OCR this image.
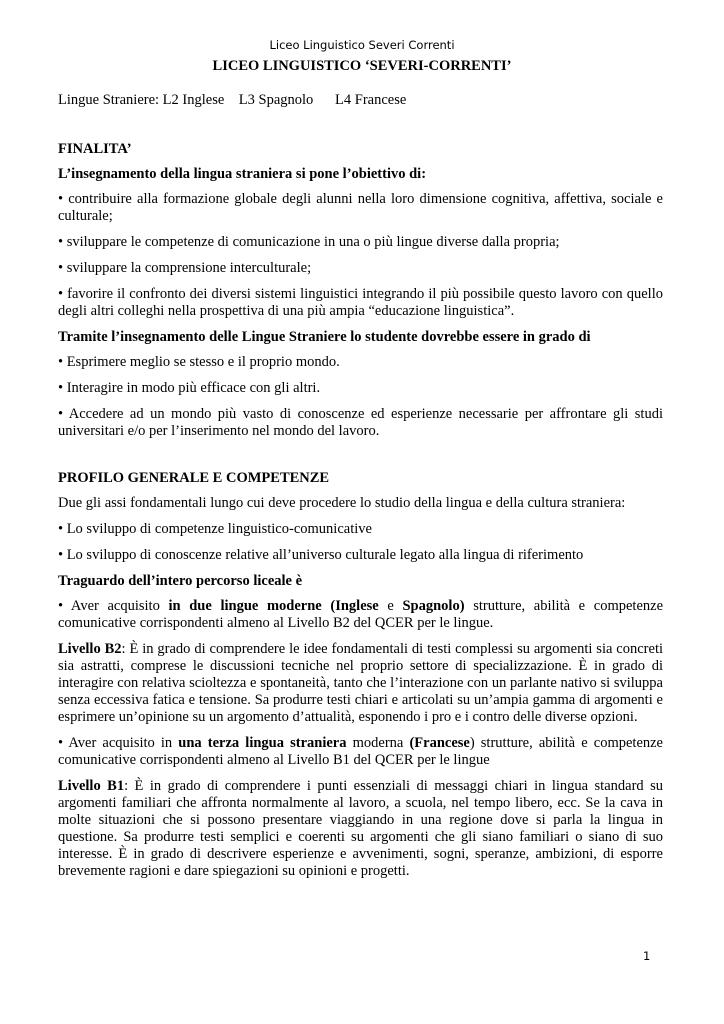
Liceo Linguistico Severi Correnti
LICEO LINGUISTICO ‘SEVERI-CORRENTI’

Lingue Straniere: L2 Inglese    L3 Spagnolo      L4 Francese

FINALITA’

L’insegnamento della lingua straniera si pone l’obiettivo di:

• contribuire alla formazione globale degli alunni nella loro dimensione cognitiva, affettiva, sociale e culturale;

• sviluppare le competenze di comunicazione in una o più lingue diverse dalla propria;

• sviluppare la comprensione interculturale;

• favorire il confronto dei diversi sistemi linguistici integrando il più possibile questo lavoro con quello degli altri colleghi nella prospettiva di una più ampia “educazione linguistica”.

Tramite l’insegnamento delle Lingue Straniere lo studente dovrebbe essere in grado di

• Esprimere meglio se stesso e il proprio mondo.

• Interagire in modo più efficace con gli altri.

• Accedere ad un mondo più vasto di conoscenze ed esperienze necessarie per affrontare gli studi universitari e/o per l’inserimento nel mondo del lavoro.

PROFILO GENERALE E COMPETENZE

Due gli assi fondamentali lungo cui deve procedere lo studio della lingua e della cultura straniera:

• Lo sviluppo di competenze linguistico-comunicative

• Lo sviluppo di conoscenze relative all’universo culturale legato alla lingua di riferimento

Traguardo dell’intero percorso liceale è

• Aver acquisito in due lingue moderne (Inglese e Spagnolo) strutture, abilità e competenze comunicative corrispondenti almeno al Livello B2 del QCER per le lingue.

Livello B2: È in grado di comprendere le idee fondamentali di testi complessi su argomenti sia concreti sia astratti, comprese le discussioni tecniche nel proprio settore di specializzazione. È in grado di interagire con relativa scioltezza e spontaneità, tanto che l’interazione con un parlante nativo si sviluppa senza eccessiva fatica e tensione. Sa produrre testi chiari e articolati su un’ampia gamma di argomenti e esprimere un’opinione su un argomento d’attualità, esponendo i pro e i contro delle diverse opzioni.

• Aver acquisito in una terza lingua straniera moderna (Francese) strutture, abilità e competenze comunicative corrispondenti almeno al Livello B1 del QCER per le lingue

Livello B1: È in grado di comprendere i punti essenziali di messaggi chiari in lingua standard su argomenti familiari che affronta normalmente al lavoro, a scuola, nel tempo libero, ecc. Se la cava in molte situazioni che si possono presentare viaggiando in una regione dove si parla la lingua in questione. Sa produrre testi semplici e coerenti su argomenti che gli siano familiari o siano di suo interesse. È in grado di descrivere esperienze e avvenimenti, sogni, speranze, ambizioni, di esporre brevemente ragioni e dare spiegazioni su opinioni e progetti.

1
